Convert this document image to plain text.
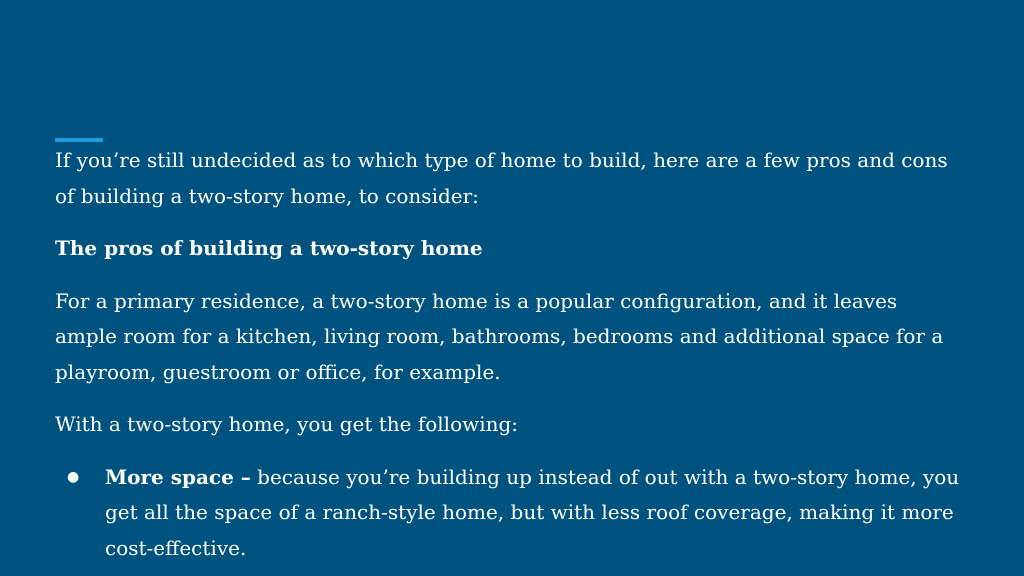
If you’re still undecided as to which type of home to build, here are a few pros and cons of building a two-story home, to consider:

The pros of building a two-story home

For a primary residence, a two-story home is a popular configuration, and it leaves ample room for a kitchen, living room, bathrooms, bedrooms and additional space for a playroom, guestroom or office, for example.

With a two-story home, you get the following:

● More space – because you’re building up instead of out with a two-story home, you get all the space of a ranch-style home, but with less roof coverage, making it more cost-effective.
